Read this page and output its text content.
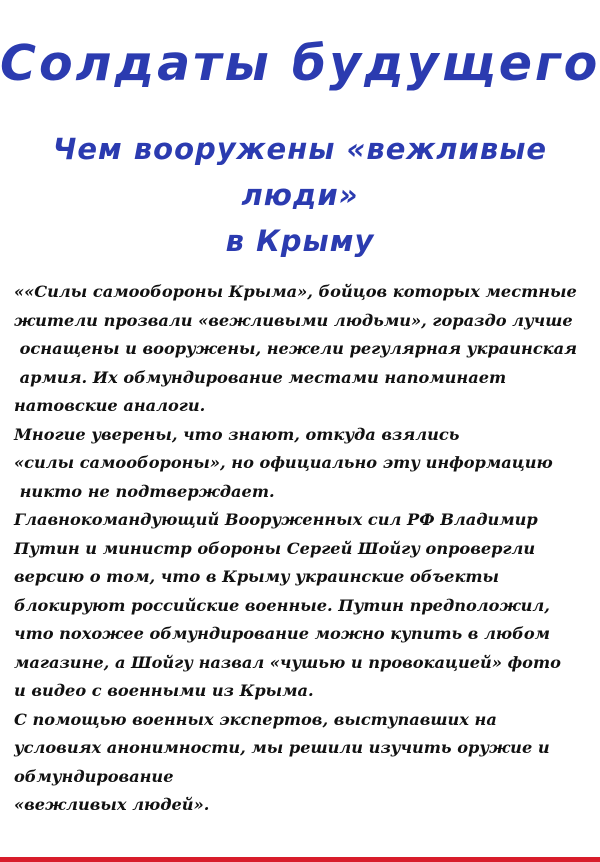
Солдаты будущего
Чем вооружены «вежливые люди»
в Крыму
««Силы самообороны Крыма», бойцов которых местные
жители прозвали «вежливыми людьми», гораздо лучше
оснащены и вооружены, нежели регулярная украинская
армия. Их обмундирование местами напоминает
натовские аналоги.
Многие уверены, что знают, откуда взялись
«силы самообороны», но официально эту информацию
никто не подтверждает.
Главнокомандующий Вооруженных сил РФ Владимир
Путин и министр обороны Сергей Шойгу опровергли
версию о том, что в Крыму украинские объекты
блокируют российские военные. Путин предположил,
что похожее обмундирование можно купить в любом
магазине, а Шойгу назвал «чушью и провокацией» фото
и видео с военными из Крыма.
С помощью военных экспертов, выступавших на
условиях анонимности, мы решили изучить оружие и
обмундирование
«вежливых людей».
